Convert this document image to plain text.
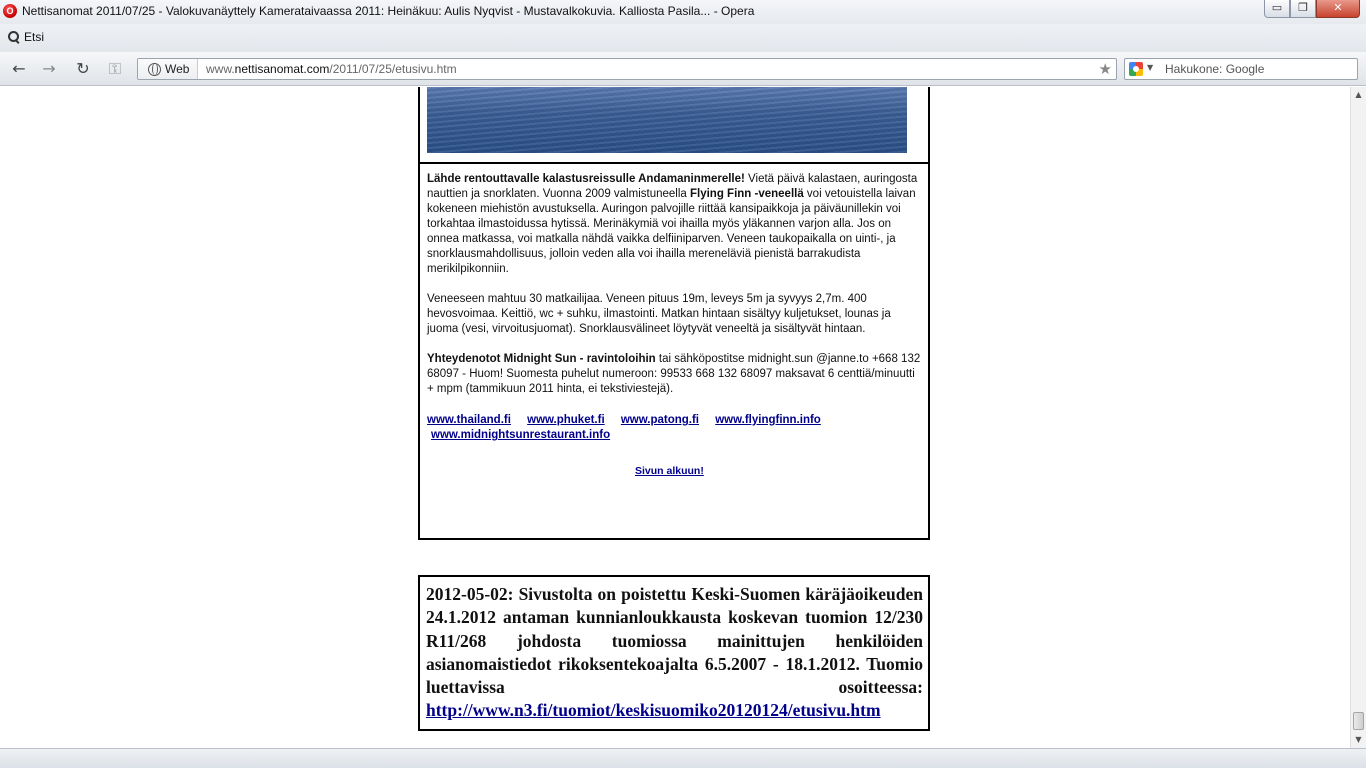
O Nettisanomat 2011/07/25 - Valokuvanäyttely Kamerataivaassa 2011: Heinäkuu: Aulis Nyqvist - Mustavalkokuvia. Kalliosta Pasila... - Opera	▭	❐	✕
Etsi
← → ↻	⚿	Web www.nettisanomat.com/2011/07/25/etusivu.htm	★	▼ Hakukone: Google

Lähde rentouttavalle kalastusreissulle Andamaninmerelle! Vietä päivä kalastaen, auringosta nauttien ja snorklaten. Vuonna 2009 valmistuneella Flying Finn -veneellä voi vetouistella laivan kokeneen miehistön avustuksella. Auringon palvojille riittää kansipaikkoja ja päiväunillekin voi torkahtaa ilmastoidussa hytissä. Merinäkymiä voi ihailla myös yläkannen varjon alla. Jos on onnea matkassa, voi matkalla nähdä vaikka delfiiniparven. Veneen taukopaikalla on uinti-, ja snorklausmahdollisuus, jolloin veden alla voi ihailla mereneläviä pienistä barrakudista merikilpikonniin.

Veneeseen mahtuu 30 matkailijaa. Veneen pituus 19m, leveys 5m ja syvyys 2,7m. 400 hevosvoimaa. Keittiö, wc + suhku, ilmastointi. Matkan hintaan sisältyy kuljetukset, lounas ja juoma (vesi, virvoitusjuomat). Snorklausvälineet löytyvät veneeltä ja sisältyvät hintaan.

Yhteydenotot Midnight Sun - ravintoloihin tai sähköpostitse midnight.sun @janne.to +668 132 68097 - Huom! Suomesta puhelut numeroon: 99533 668 132 68097 maksavat 6 centtiä/minuutti + mpm (tammikuun 2011 hinta, ei tekstiviestejä).

www.thailand.fi www.phuket.fi www.patong.fi www.flyingfinn.info
www.midnightsunrestaurant.info
Sivun alkuun!
2012-05-02: Sivustolta on poistettu Keski-Suomen käräjäoikeuden 24.1.2012 antaman kunnianloukkausta koskevan tuomion 12/230 R11/268 johdosta tuomiossa mainittujen henkilöiden asianomaistiedot rikoksentekoajalta 6.5.2007 - 18.1.2012. Tuomio luettavissa osoitteessa: http://www.n3.fi/tuomiot/keskisuomiko20120124/etusivu.htm
▲
▼
